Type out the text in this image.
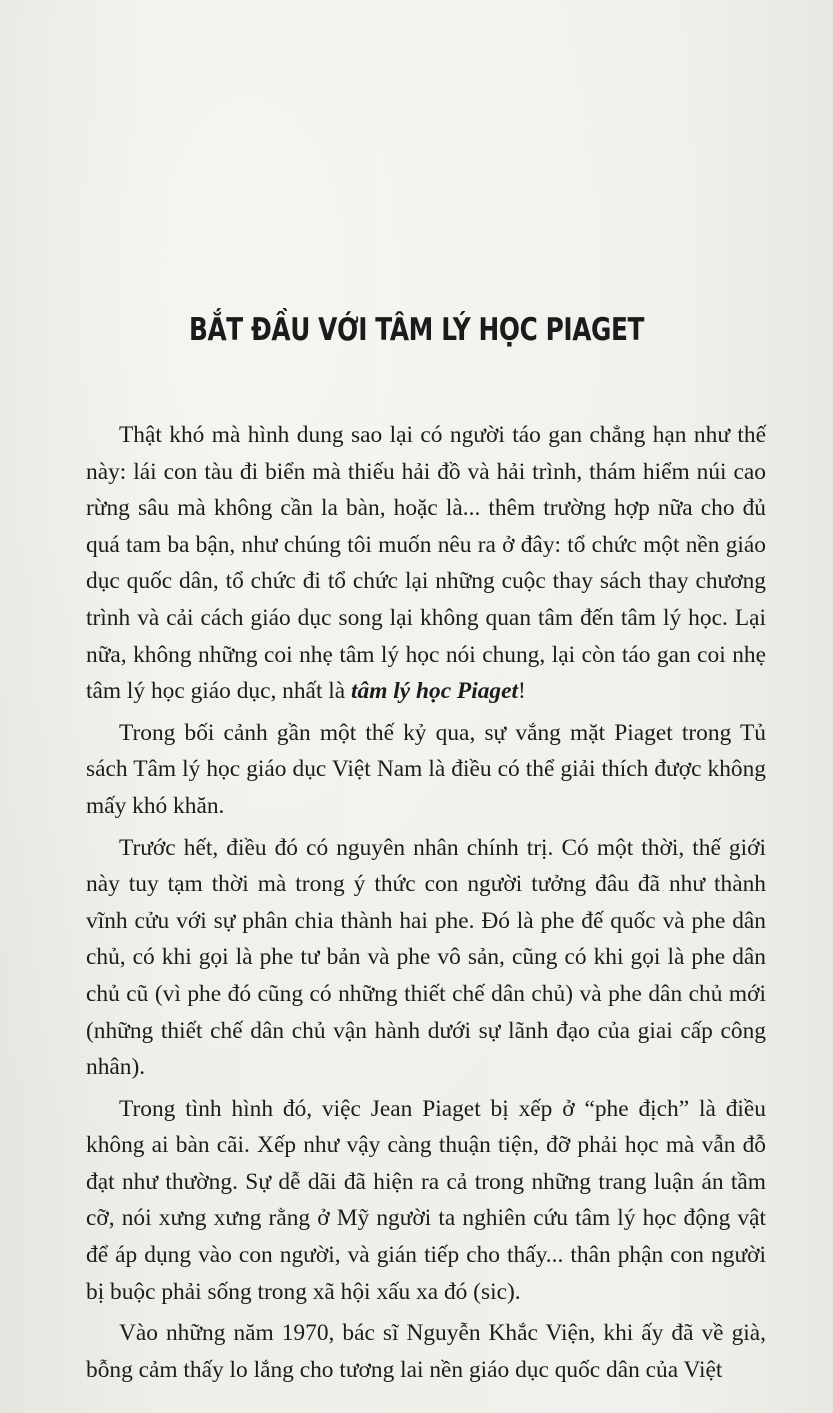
BẮT ĐẦU VỚI TÂM LÝ HỌC PIAGET

Thật khó mà hình dung sao lại có người táo gan chẳng hạn như thế này: lái con tàu đi biển mà thiếu hải đồ và hải trình, thám hiểm núi cao rừng sâu mà không cần la bàn, hoặc là... thêm trường hợp nữa cho đủ quá tam ba bận, như chúng tôi muốn nêu ra ở đây: tổ chức một nền giáo dục quốc dân, tổ chức đi tổ chức lại những cuộc thay sách thay chương trình và cải cách giáo dục song lại không quan tâm đến tâm lý học. Lại nữa, không những coi nhẹ tâm lý học nói chung, lại còn táo gan coi nhẹ tâm lý học giáo dục, nhất là tâm lý học Piaget!

Trong bối cảnh gần một thế kỷ qua, sự vắng mặt Piaget trong Tủ sách Tâm lý học giáo dục Việt Nam là điều có thể giải thích được không mấy khó khăn.

Trước hết, điều đó có nguyên nhân chính trị. Có một thời, thế giới này tuy tạm thời mà trong ý thức con người tưởng đâu đã như thành vĩnh cửu với sự phân chia thành hai phe. Đó là phe đế quốc và phe dân chủ, có khi gọi là phe tư bản và phe vô sản, cũng có khi gọi là phe dân chủ cũ (vì phe đó cũng có những thiết chế dân chủ) và phe dân chủ mới (những thiết chế dân chủ vận hành dưới sự lãnh đạo của giai cấp công nhân).

Trong tình hình đó, việc Jean Piaget bị xếp ở “phe địch” là điều không ai bàn cãi. Xếp như vậy càng thuận tiện, đỡ phải học mà vẫn đỗ đạt như thường. Sự dễ dãi đã hiện ra cả trong những trang luận án tầm cỡ, nói xưng xưng rằng ở Mỹ người ta nghiên cứu tâm lý học động vật để áp dụng vào con người, và gián tiếp cho thấy... thân phận con người bị buộc phải sống trong xã hội xấu xa đó (sic).

Vào những năm 1970, bác sĩ Nguyễn Khắc Viện, khi ấy đã về già, bỗng cảm thấy lo lắng cho tương lai nền giáo dục quốc dân của Việt
